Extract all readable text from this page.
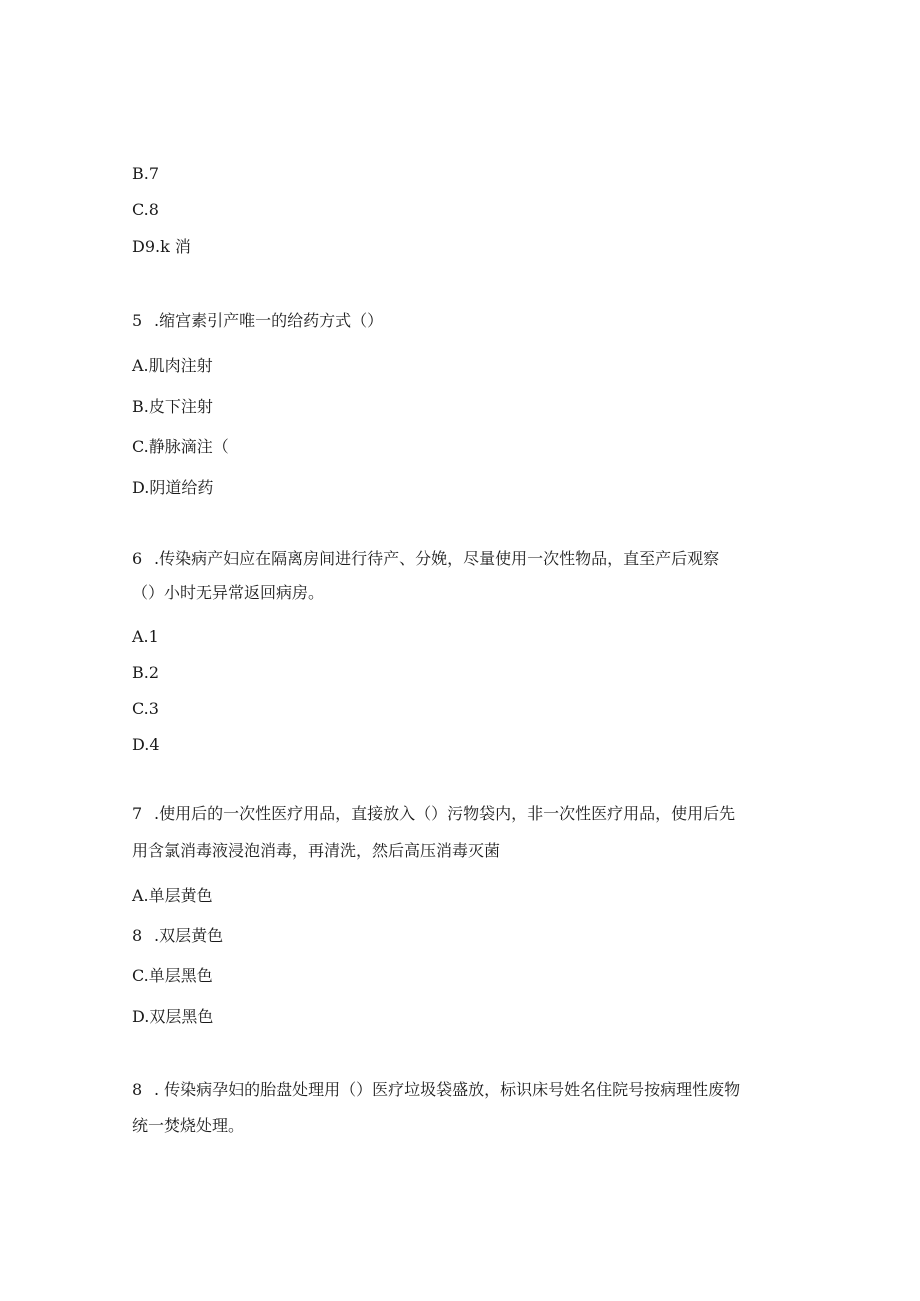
B.7
C.8
D9.k 消
5 .缩宫素引产唯一的给药方式（）
A.肌肉注射
B.皮下注射
C.静脉滴注（
D.阴道给药
6 .传染病产妇应在隔离房间进行待产、分娩，尽量使用一次性物品，直至产后观察
（）小时无异常返回病房。
A.1
B.2
C.3
D.4
7 .使用后的一次性医疗用品，直接放入（）污物袋内，非一次性医疗用品，使用后先
用含氯消毒液浸泡消毒，再清洗，然后高压消毒灭菌
A.单层黄色
8 .双层黄色
C.单层黑色
D.双层黑色
8 . 传染病孕妇的胎盘处理用（）医疗垃圾袋盛放，标识床号姓名住院号按病理性废物
统一焚烧处理。
